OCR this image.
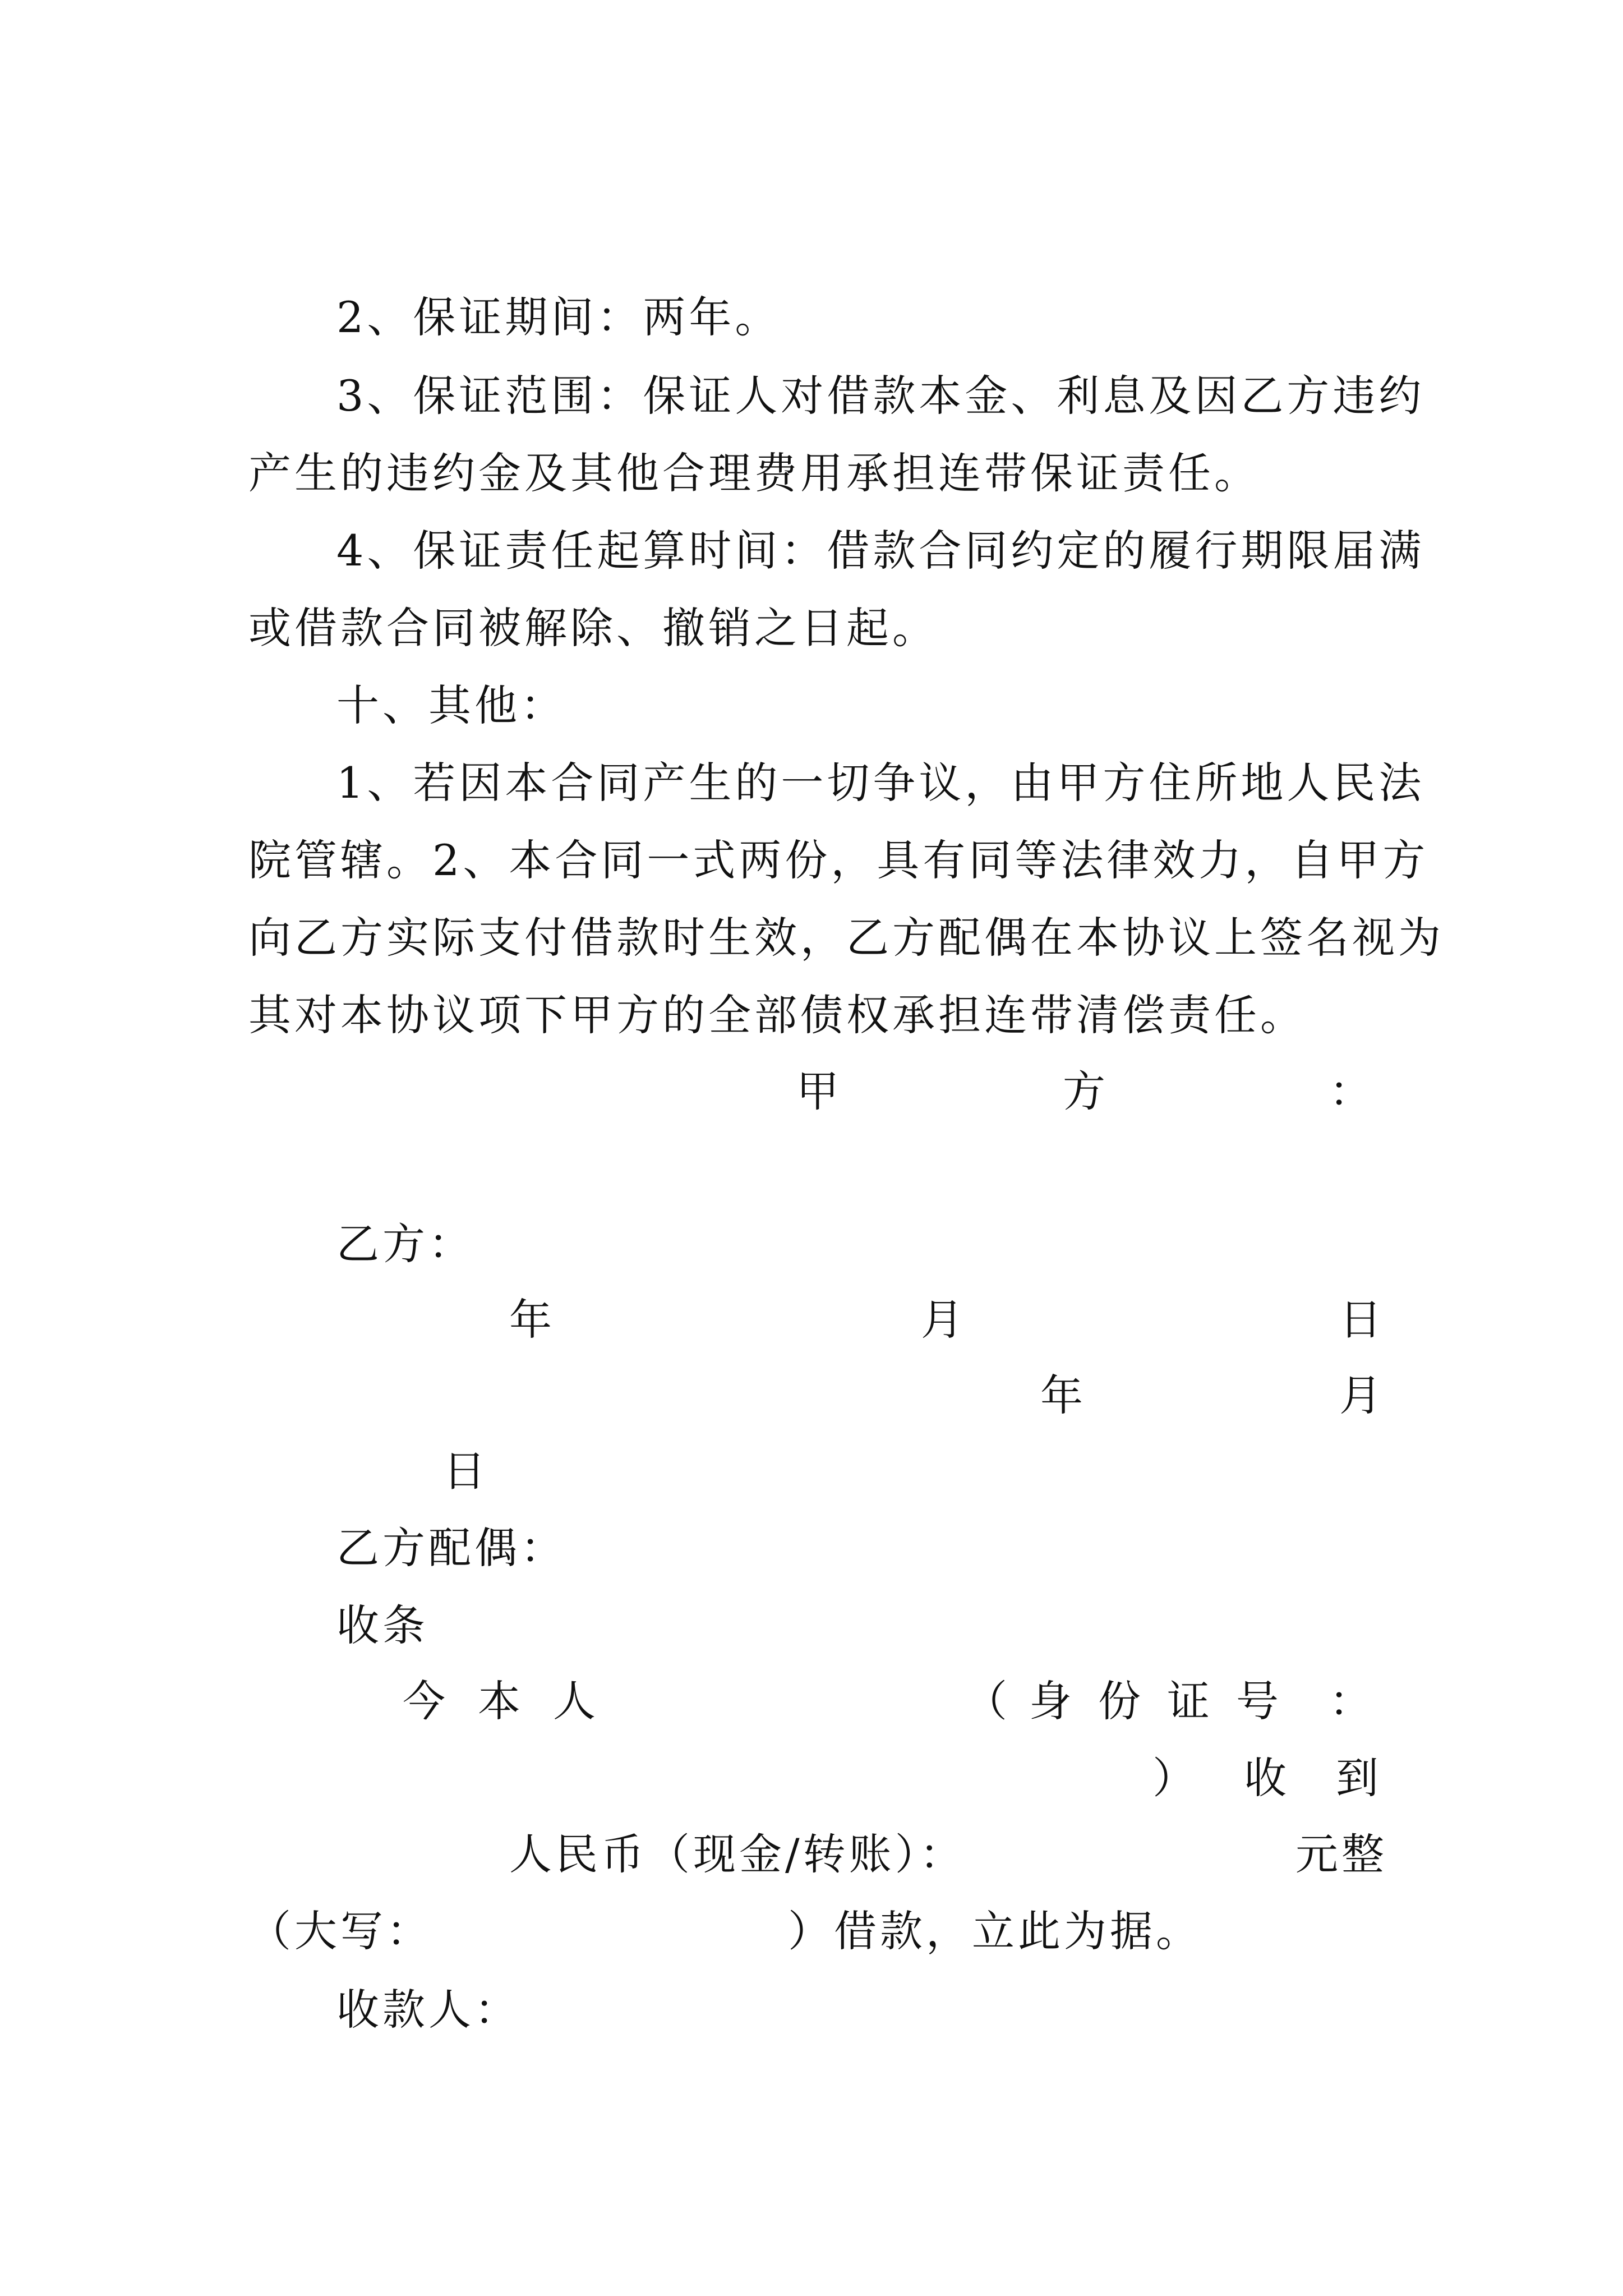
2、保证期间：两年。
3、保证范围：保证人对借款本金、利息及因乙方违约
产生的违约金及其他合理费用承担连带保证责任。
4、保证责任起算时间：借款合同约定的履行期限届满
或借款合同被解除、撤销之日起。
十、其他：
1、若因本合同产生的一切争议，由甲方住所地人民法
院管辖。2、本合同一式两份，具有同等法律效力，自甲方
向乙方实际支付借款时生效，乙方配偶在本协议上签名视为
其对本协议项下甲方的全部债权承担连带清偿责任。
甲	方	：
乙方：
年	月	日
年	月
日
乙方配偶：
收条
今 本 人	（ 身 份 证 号 ：
） 收 到
人民币（现金/转账）：	元整
（大写：	）借款，立此为据。
收款人：
